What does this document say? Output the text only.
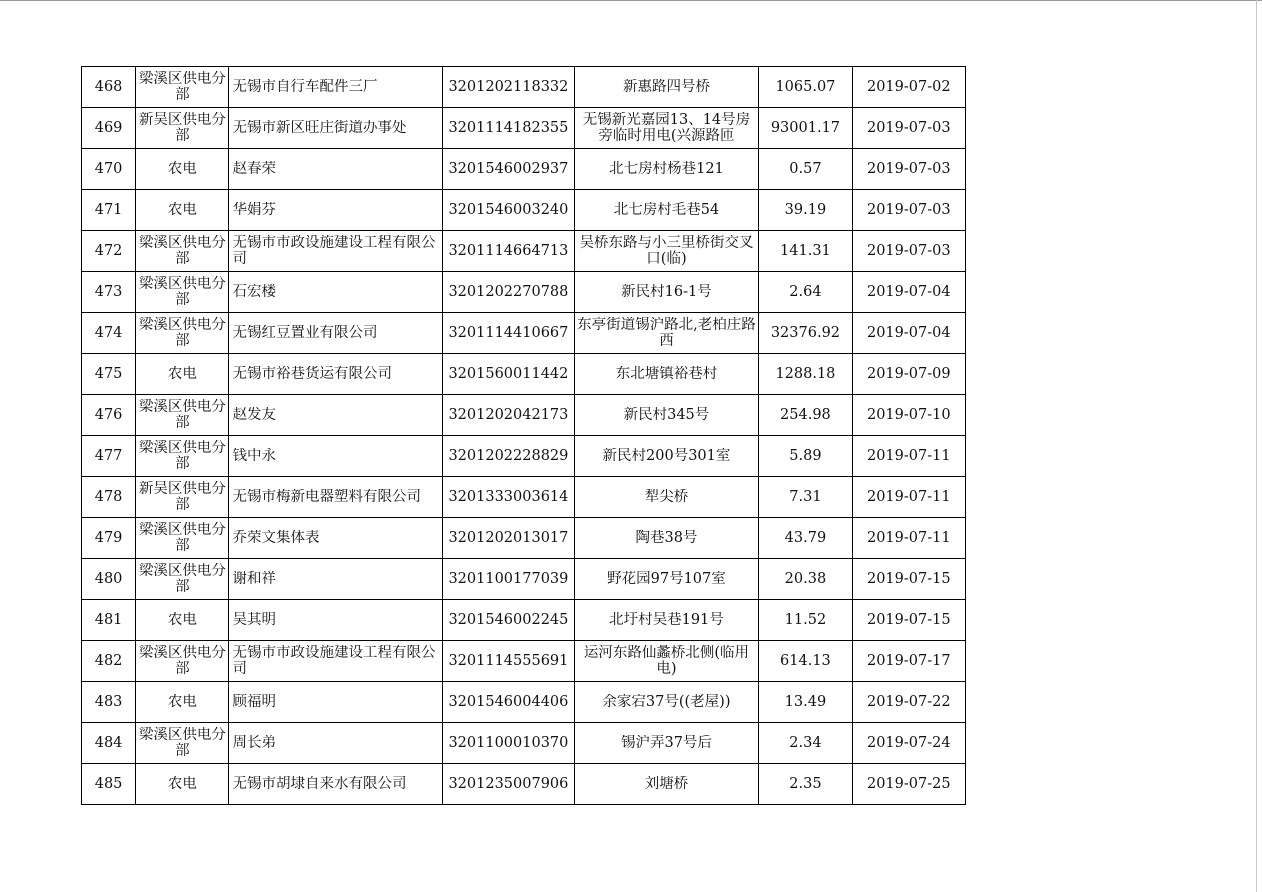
468	梁溪区供电分部	无锡市自行车配件三厂	3201202118332	新惠路四号桥	1065.07	2019-07-02
469	新吴区供电分部	无锡市新区旺庄街道办事处	3201114182355	无锡新光嘉园13、14号房旁临时用电(兴源路匝	93001.17	2019-07-03
470	农电	赵春荣	3201546002937	北七房村杨巷121	0.57	2019-07-03
471	农电	华娟芬	3201546003240	北七房村毛巷54	39.19	2019-07-03
472	梁溪区供电分部	无锡市市政设施建设工程有限公司	3201114664713	吴桥东路与小三里桥街交叉口(临)	141.31	2019-07-03
473	梁溪区供电分部	石宏楼	3201202270788	新民村16-1号	2.64	2019-07-04
474	梁溪区供电分部	无锡红豆置业有限公司	3201114410667	东亭街道锡沪路北,老柏庄路西	32376.92	2019-07-04
475	农电	无锡市裕巷货运有限公司	3201560011442	东北塘镇裕巷村	1288.18	2019-07-09
476	梁溪区供电分部	赵发友	3201202042173	新民村345号	254.98	2019-07-10
477	梁溪区供电分部	钱中永	3201202228829	新民村200号301室	5.89	2019-07-11
478	新吴区供电分部	无锡市梅新电器塑料有限公司	3201333003614	犁尖桥	7.31	2019-07-11
479	梁溪区供电分部	乔荣文集体表	3201202013017	陶巷38号	43.79	2019-07-11
480	梁溪区供电分部	谢和祥	3201100177039	野花园97号107室	20.38	2019-07-15
481	农电	吴其明	3201546002245	北圩村吴巷191号	11.52	2019-07-15
482	梁溪区供电分部	无锡市市政设施建设工程有限公司	3201114555691	运河东路仙蠡桥北侧(临用电)	614.13	2019-07-17
483	农电	顾福明	3201546004406	余家宕37号((老屋))	13.49	2019-07-22
484	梁溪区供电分部	周长弟	3201100010370	锡沪弄37号后	2.34	2019-07-24
485	农电	无锡市胡埭自来水有限公司	3201235007906	刘塘桥	2.35	2019-07-25
